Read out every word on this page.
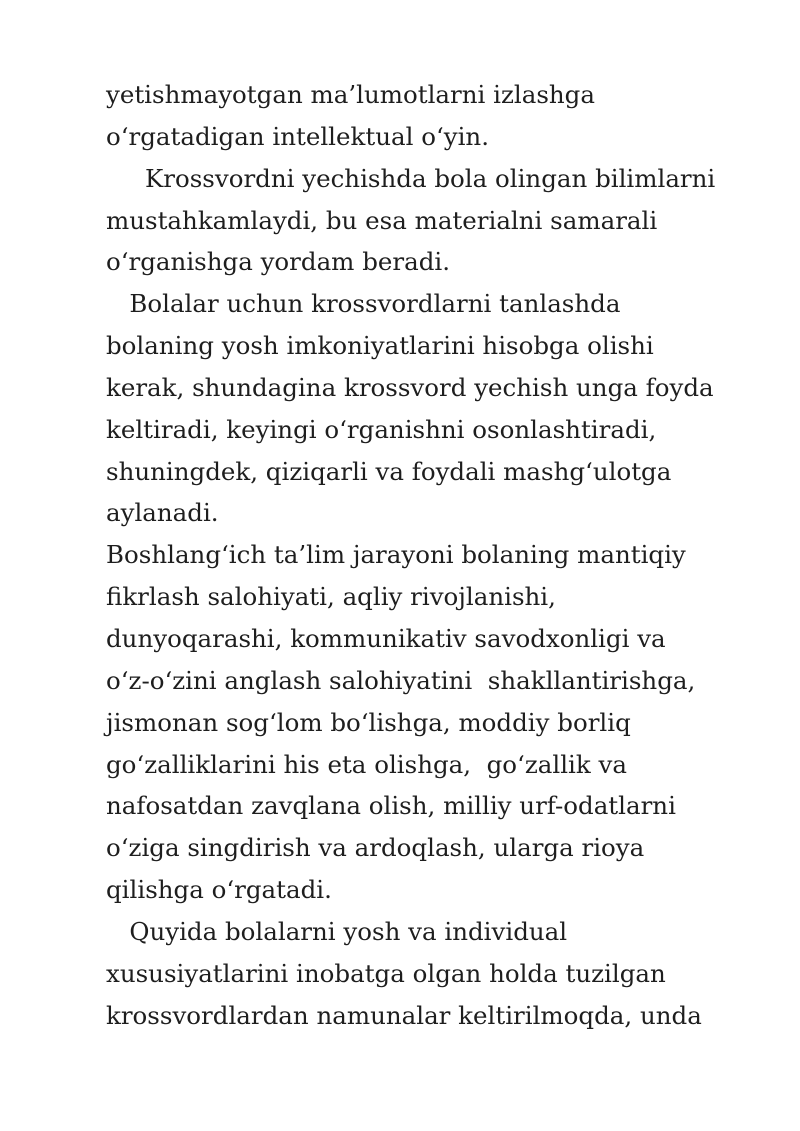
yetishmayotgan ma’lumotlarni izlashga
o‘rgatadigan intellektual o‘yin.
Krossvordni yechishda bola olingan bilimlarni
mustahkamlaydi, bu esa materialni samarali
o‘rganishga yordam beradi.
Bolalar uchun krossvordlarni tanlashda
bolaning yosh imkoniyatlarini hisobga olishi
kerak, shundagina krossvord yechish unga foyda
keltiradi, keyingi o‘rganishni osonlashtiradi,
shuningdek, qiziqarli va foydali mashg‘ulotga
aylanadi.
Boshlang‘ich ta’lim jarayoni bolaning mantiqiy
fikrlash salohiyati, aqliy rivojlanishi,
dunyoqarashi, kommunikativ savodxonligi va
o‘z-o‘zini anglash salohiyatini  shakllantirishga,
jismonan sog‘lom bo‘lishga, moddiy borliq
go‘zalliklarini his eta olishga,  go‘zallik va
nafosatdan zavqlana olish, milliy urf-odatlarni
o‘ziga singdirish va ardoqlash, ularga rioya
qilishga o‘rgatadi.
Quyida bolalarni yosh va individual
xususiyatlarini inobatga olgan holda tuzilgan
krossvordlardan namunalar keltirilmoqda, unda
